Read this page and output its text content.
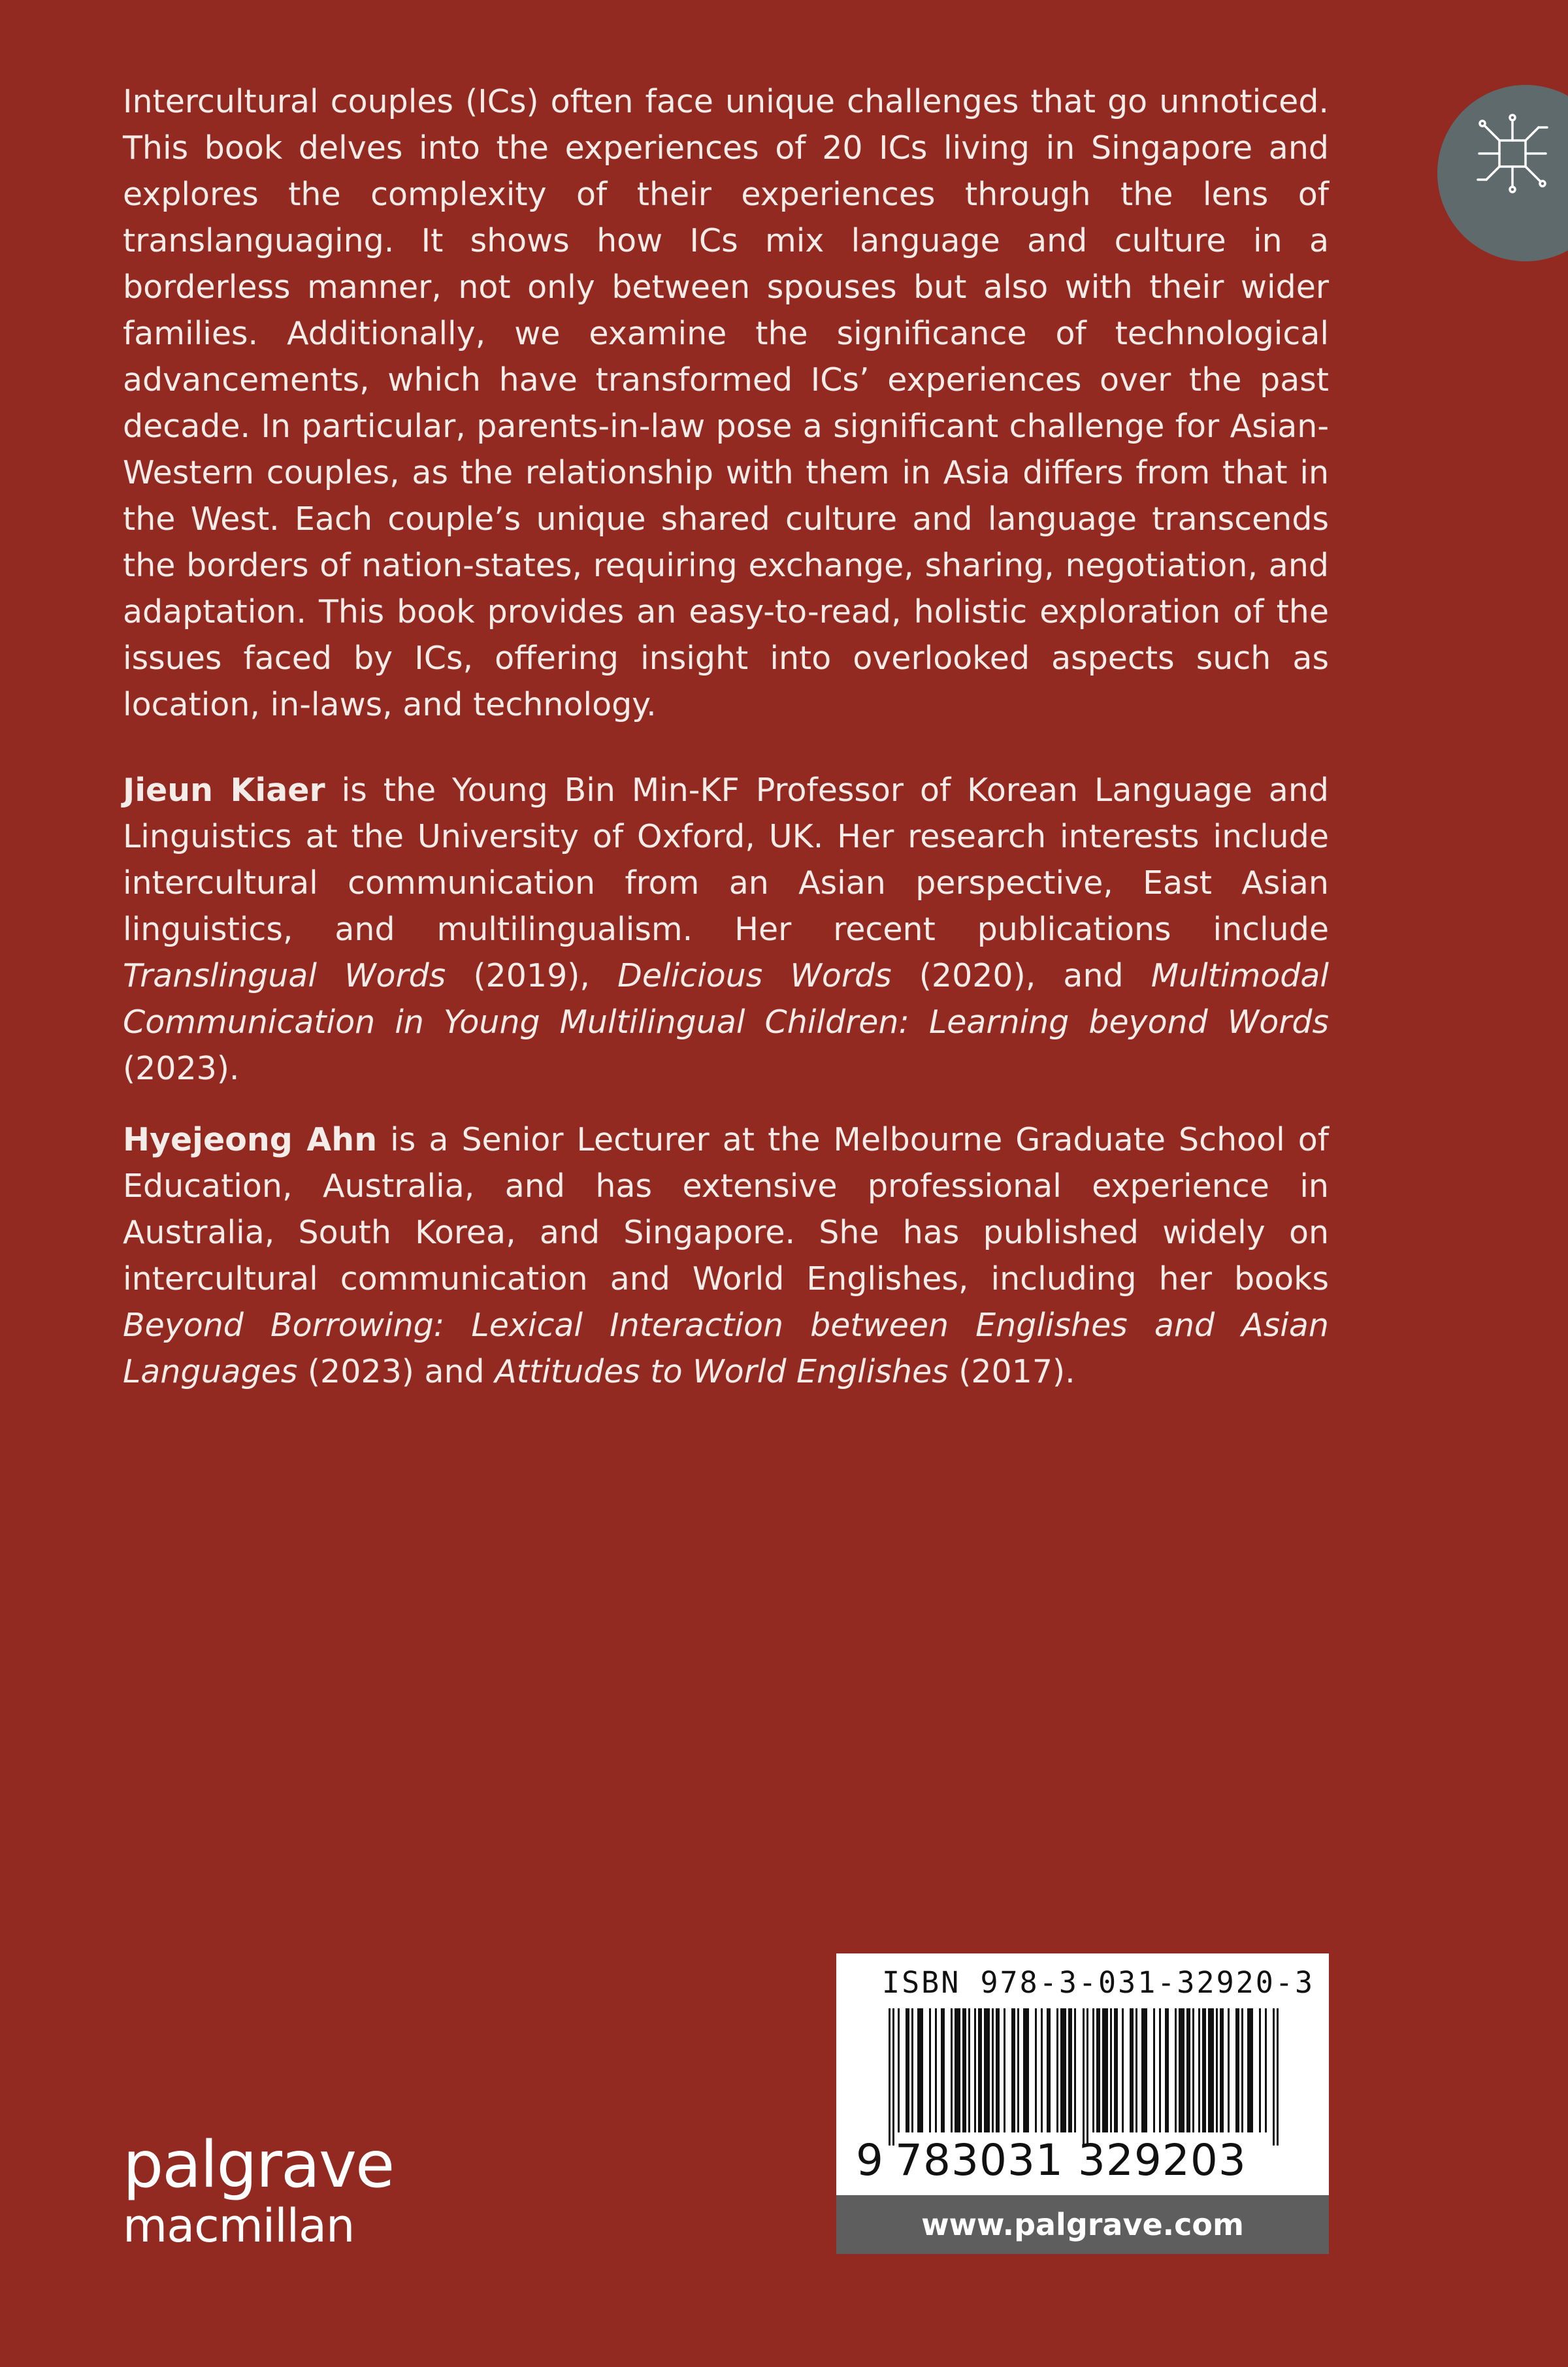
Intercultural couples (ICs) often face unique challenges that go unnoticed. This book delves into the experiences of 20 ICs living in Singapore and explores the complexity of their experiences through the lens of translanguaging. It shows how ICs mix language and culture in a borderless manner, not only between spouses but also with their wider families. Additionally, we examine the significance of technological advancements, which have transformed ICs’ experiences over the past decade. In particular, parents-in-law pose a significant challenge for Asian-Western couples, as the relationship with them in Asia differs from that in the West. Each couple’s unique shared culture and language transcends the borders of nation-states, requiring exchange, sharing, negotiation, and adaptation. This book provides an easy-to-read, holistic exploration of the issues faced by ICs, offering insight into overlooked aspects such as location, in-laws, and technology.

Jieun Kiaer is the Young Bin Min-KF Professor of Korean Language and Linguistics at the University of Oxford, UK. Her research interests include intercultural communication from an Asian perspective, East Asian linguistics, and multilingualism. Her recent publications include Translingual Words (2019), Delicious Words (2020), and Multimodal Communication in Young Multilingual Children: Learning beyond Words (2023).

Hyejeong Ahn is a Senior Lecturer at the Melbourne Graduate School of Education, Australia, and has extensive professional experience in Australia, South Korea, and Singapore. She has published widely on intercultural communication and World Englishes, including her books Beyond Borrowing: Lexical Interaction between Englishes and Asian Languages (2023) and Attitudes to World Englishes (2017).

palgrave
macmillan
ISBN 978-3-031-32920-3
9 783031 329203
www.palgrave.com
